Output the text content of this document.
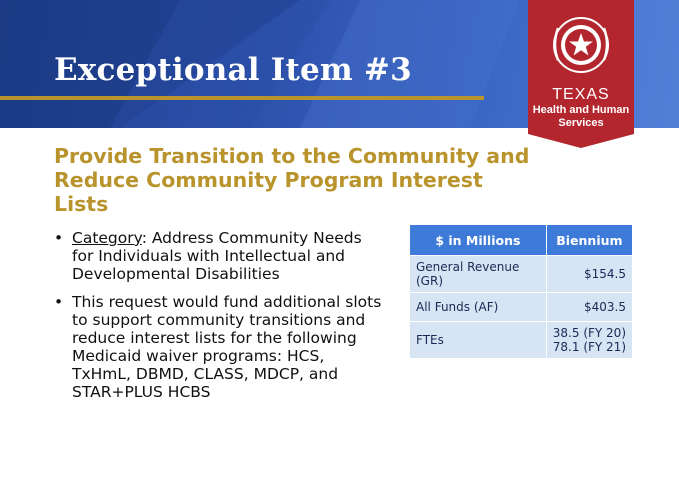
Exceptional Item #3
TEXAS
Health and Human Services
Provide Transition to the Community and Reduce Community Program Interest Lists
• Category: Address Community Needs for Individuals with Intellectual and Developmental Disabilities
• This request would fund additional slots to support community transitions and reduce interest lists for the following Medicaid waiver programs: HCS, TxHmL, DBMD, CLASS, MDCP, and STAR+PLUS HCBS
$ in Millions	Biennium
General Revenue (GR)	$154.5
All Funds (AF)	$403.5
FTEs	38.5 (FY 20)
78.1 (FY 21)
